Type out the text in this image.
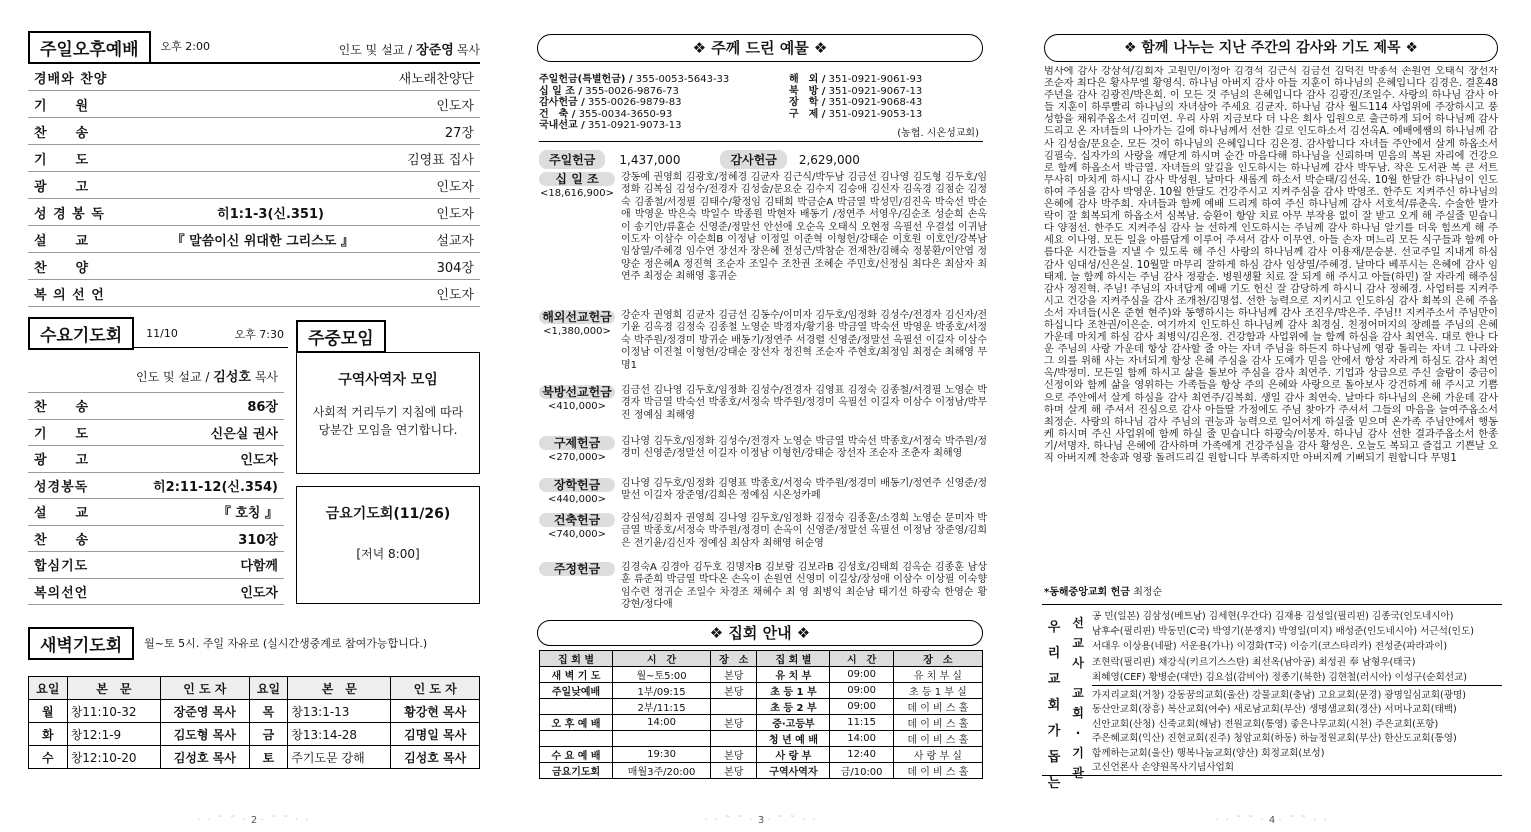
주일오후예배	오후 2:00	인도 및 설교 / 장준영 목사
경배와 찬양	새노래찬양단
기　　원	인도자
찬　　송	27장
기　　도	김영표 집사
광　　고	인도자
성 경 봉 독	히1:1-3(신.351)	인도자
설　　교	『 말씀이신 위대한 그리스도 』	설교자
찬　　양	304장
복 의 선 언	인도자
수요기도회	11/10	오후 7:30
인도 및 설교 / 김성호 목사
찬　　송	86장
기　　도	신은실 권사
광　　고	인도자
성경봉독	히2:11-12(신.354)
설　　교	『 호칭 』
찬　　송	310장
합심기도	다함께
복의선언	인도자
주중모임
구역사역자 모임
사회적 거리두기 지침에 따라 당분간 모임을 연기합니다.
금요기도회(11/26)
[저녁 8:00]
새벽기도회	월~토 5시. 주일 자유로 (실시간생중계로 참여가능합니다.)
요일	본　문	인 도 자	요일	본　문	인 도 자
월	창11:10-32	장준영 목사	목	창13:1-13	황강현 목사
화	창12:1-9	김도형 목사	금	창13:14-28	김명일 목사
수	창12:10-20	김성호 목사	토	주기도문 강해	김성호 목사
· · ˜ ˜ · 2 · ˜ ˜ · ·
❖ 주께 드린 예물 ❖
주일헌금(특별헌금) / 355-0053-5643-33
십 일 조 / 355-0026-9876-73
감사헌금 / 355-0026-9879-83
건　축 / 355-0034-3650-93
국내선교 / 351-0921-9073-13
해　외 / 351-0921-9061-93
북　방 / 351-0921-9067-13
장　학 / 351-0921-9068-43
구　제 / 351-0921-9053-13
(농협. 시온성교회)
주일헌금	1,437,000	감사헌금	2,629,000
십 일 조
<18,616,900>
강동예 권영희 김광호/정혜경 김균자 김근식/박두남 김금선 김나영 김도형 김두호/임정화 김복심 김성수/전경자 김성술/문요순 김수지 김승애 김신자 김옥경 김점순 김정숙 김종철/서정필 김태수/황정임 김태희 박금순A 박금열 박성민/김진옥 박숙선 박순애 박영운 박은숙 박일수 박종원 박현자 배동기 /정연주 서영우/김순조 성순희 손옥이 송기안/류휸순 신영준/정말선 안선애 오순옥 오태식 오현정 옥필선 우결섭 이귀남 이도자 이삼수 이순희B 이정남 이정일 이준혁 이형헌/강태순 이호원 이호인/강복남 임상열/주혜경 임수연 장선자 장은혜 전성근/박참순 전재찬/김해숙 정봉환/이안엽 정양순 정은혜A 정진혁 조순자 조일수 조찬권 조혜순 주민호/신정심 최다은 최삼자 최연주 최정순 최해영 홍귀순
해외선교헌금
<1,380,000>
강순자 권영희 김균자 김금선 김동수/이미자 김두호/임정화 김성수/전경자 김신자/전기윤 김옥경 김정숙 김종철 노영순 박경자/황기용 박금열 박숙선 박영운 박종호/서정숙 박주원/정경미 방귀순 배동기/정연주 서경렬 신영준/정말선 옥필선 이길자 이삼수 이정남 이진철 이형헌/강태순 장선자 정진혁 조순자 주현호/최정임 최정순 최해영 무명1
북방선교헌금
<410,000>
김금선 김나영 김두호/임정화 김성수/전경자 김영표 김정숙 김종철/서경필 노영순 박경자 박금열 박숙선 박종호/서정숙 박주원/정경미 옥필선 이길자 이삼수 이정남/박무진 정예심 최해영
구제헌금
<270,000>
김나영 김두호/임정화 김성수/전경자 노영순 박금열 박숙선 박종호/서정숙 박주원/정경미 신영준/정말선 이길자 이정남 이형헌/강태순 장선자 조순자 조춘자 최해영
장학헌금
<440,000>
김나영 김두호/임정화 김영표 박종호/서정숙 박주원/정경미 배동기/정연주 신영준/정말선 이길자 장준영/김희은 정예심 시온성카페
건축헌금
<740,000>
강심석/김희자 권영희 김나영 김두호/임정화 김정숙 김종훈/소경희 노영순 문미자 박금열 박종호/서정숙 박주원/정경미 손옥이 신영준/정말선 옥필선 이정남 장준영/김희은 전기윤/김신자 정예심 최삼자 최해영 허순영
주정헌금	김경숙A 김경아 김두호 김명자B 김보람 김보라B 김성호/김태희 김옥순 김종훈 남상훈 류준희 박금열 박다온 손옥이 손원연 신영미 이길상/장성애 이삼수 이상필 이숙향 임수련 정귀순 조일수 차경조 채혜수 최 영 최병익 최순남 태기선 하광숙 한영순 황강현/정다애
❖ 집회 안내 ❖
집 회 별	시　간	장　소	집 회 별	시　간	장　소
새 벽 기 도	월~토5:00	본당	유 치 부	09:00	유 치 부 실
주일낮예배	1부/09:15	본당	초 등 1 부	09:00	초 등 1 부 실
	2부/11:15		초 등 2 부	09:00	데 이 비 스 홀
오 후 예 배	14:00	본당	중·고등부	11:15	데 이 비 스 홀
			청 년 예 배	14:00	데 이 비 스 홀
수 요 예 배	19:30	본당	사 랑 부	12:40	사 랑 부 실
금요기도회	매월3주/20:00	본당	구역사역자	금/10:00	데 이 비 스 홀
· · ˜ ˜ · 3 · ˜ ˜ · ·
❖ 함께 나누는 지난 주간의 감사와 기도 제목 ❖
범사에 감사 강삼석/김희자 고원민/이정아 김경석 김근식 김금선 김덕진 박종석 손원연 오태식 장선자 조순자 최다은 황사무엘 황영식. 하나님 아버지 감사 아들 지훈이 하나님의 은혜입니다 김경은. 결혼48주년을 감사 김광진/박은희. 이 모든 것 주님의 은혜입니다 감사 김광진/조일수. 사랑의 하나님 감사 아들 지훈이 하루빨리 하나님의 자녀삼아 주세요 김균자. 하나님 감사 월드114 사업위에 주장하시고 풍성함을 채워주옵소서 김미연. 우리 사위 지금보다 더 나은 회사 입원으로 출근하게 되어 하나님께 감사드리고 온 자녀들의 나아가는 길에 하나님께서 선한 길로 인도하소서 김선옥A. 예배에쌤의 하나님께 감사 김성술/문요순. 모든 것이 하나님의 은혜입니다 김은경. 감사합니다 자녀들 주안에서 살게 하옵소서 김필숙. 십자가의 사랑을 깨닫게 하시며 순간 마음다해 하나님을 신뢰하며 믿음의 복된 자리에 건강으로 함께 하옵소서 박금열. 자녀들의 앞길을 인도하시는 하나님께 감사 박두남. 작은 도서관 복 큰 서트 무사히 마치게 하시니 감사 박성원. 날마다 새롭게 하소서 박순태/김선옥. 10월 한달간 하나님이 인도하여 주심을 감사 박영운. 10월 한달도 건강주시고 지켜주심을 감사 박영조. 한주도 지켜주신 하나님의 은혜에 감사 박주희. 자녀들과 함께 예배 드리게 하여 주신 하나님께 감사 서호석/류춘옥. 수술한 발가락이 잘 회복되게 하옵소서 심복남. 승환이 항암 치료 아무 부작용 없이 잘 받고 오게 해 주실줄 믿습니다 양점선. 한주도 지켜주심 감사 늘 선하게 인도하시는 주님께 감사 하나님 알기를 더욱 힘쓰게 해 주세요 이나영. 모든 일을 아름답게 이루어 주셔서 감사 이무연. 아들 손자 며느리 모든 식구들과 함께 아름다운 시간들을 지낼 수 있도록 해 주신 사랑의 하나님께 감사 이용재/문승분. 선교주일 지내게 하심 감사 임대성/신은실. 10월말 마무리 잘하게 하심 감사 임상열/주혜경. 날마다 베푸시는 은혜에 감사 임태제. 늘 함께 하시는 주님 감사 정광순. 병원생활 치료 잘 되게 해 주시고 아들(하민) 잘 자라게 해주심 감사 정진혁. 주님! 주님의 자녀답게 예배 기도 헌신 잘 감당하게 하시니 감사 정혜경. 사업터를 지켜주시고 건강을 지켜주심을 감사 조개천/김명섭. 선한 능력으로 지키시고 인도하심 감사 회복의 은혜 주옵소서 자녀들(시온 준현 현주)와 동행하시는 하나님께 감사 조진우/박은주. 주님!! 지켜주소서 주님만이 하십니다 조찬권/이은순. 여기까지 인도하신 하나님께 감사 최경심. 친정어머지의 장례를 주님의 은혜가운데 마치게 하심 감사 최병익/김은정. 건강함과 사업위에 늘 함께 하심을 감사 최연옥. 대로 한나 다운 주님의 사랑 가운데 항상 감사할 줄 아는 자녀 주님을 하든지 하나님께 영광 돌리는 자녀 그 나라와 그 의를 위해 사는 자녀되게 항상 은혜 주심을 감사 도예가 믿음 안에서 항상 자라게 하심도 감사 최연옥/박정미. 모든일 함께 하시고 삶을 돌보아 주심을 감사 최연주. 기업과 상급으로 주신 술람이 중금이 신정이와 함께 삶을 영위하는 가족들을 항상 주의 은혜와 사랑으로 돌아보사 강건하게 해 주시고 기쁨으로 주안에서 살게 하심을 감사 최연주/김복희. 생일 감사 최연숙. 날마다 하나님의 은혜 가운데 감사하며 살게 해 주셔서 진심으로 감사 아들딸 가정에도 주님 찾아가 주셔서 그들의 마음을 늘여주옵소서 최정순. 사랑의 하나님 감사 주님의 권능과 능력으로 일어서게 하실줄 믿으며 온가족 주님안에서 행동케 하시며 주신 사업위에 함께 하실 줄 믿습니다 하광숙/이봉자. 하나님 감사 선한 결과주옵소서 한종기/서명자. 하나님 은혜에 감사하며 가족에게 건강주심을 감사 황성은. 오늘도 복되고 즐겁고 기쁜날 오직 아버지께 찬송과 영광 돌려드리길 원합니다 부족하지만 아버지께 기뻐되기 원합니다 무명1
*동해중앙교회 헌금 최정순
우리교회가돕는
선교사
교회·기관
공 민(일본) 김삼성(베트남) 김세현(우간다) 김재용 김성일(필리핀) 김종국(인도네시아)
남후수(필리핀) 박동민(C국) 박영기(분쟁지) 박영일(미지) 배성준(인도네시아) 서근석(인도)
서대우 이상용(네팔) 서운용(가나) 이경화(T국) 이승기(코스타리카) 전성준(파라과이)
조현락(필리핀) 채강식(키르기스스탄) 최선옥(남아공) 최성권 奉 남형우(태국)
최혜영(CEF) 황병순(대만) 김요섭(감비아) 정종기(북한) 김현철(러시아) 이성구(순회선교)
가지리교회(거창) 강동꿈의교회(울산) 강물교회(충남) 고요교회(문경) 광명일심교회(광명)
동산안교회(장흥) 복산교회(여수) 새로남교회(부산) 생명샘교회(경산) 서머나교회(태백)
신안교회(산청) 신죽교회(해남) 전원교회(통영) 좋은나무교회(시천) 주은교회(포항)
주은혜교회(익산) 진현교회(진주) 청암교회(하동) 하늘정원교회(부산) 한산도교회(통영)
함께하는교회(울산) 행복나눔교회(양산) 회정교회(보성)
고신언론사 손양원목사기념사업회
· · ˜ ˜ · 4 · ˜ ˜ · ·
